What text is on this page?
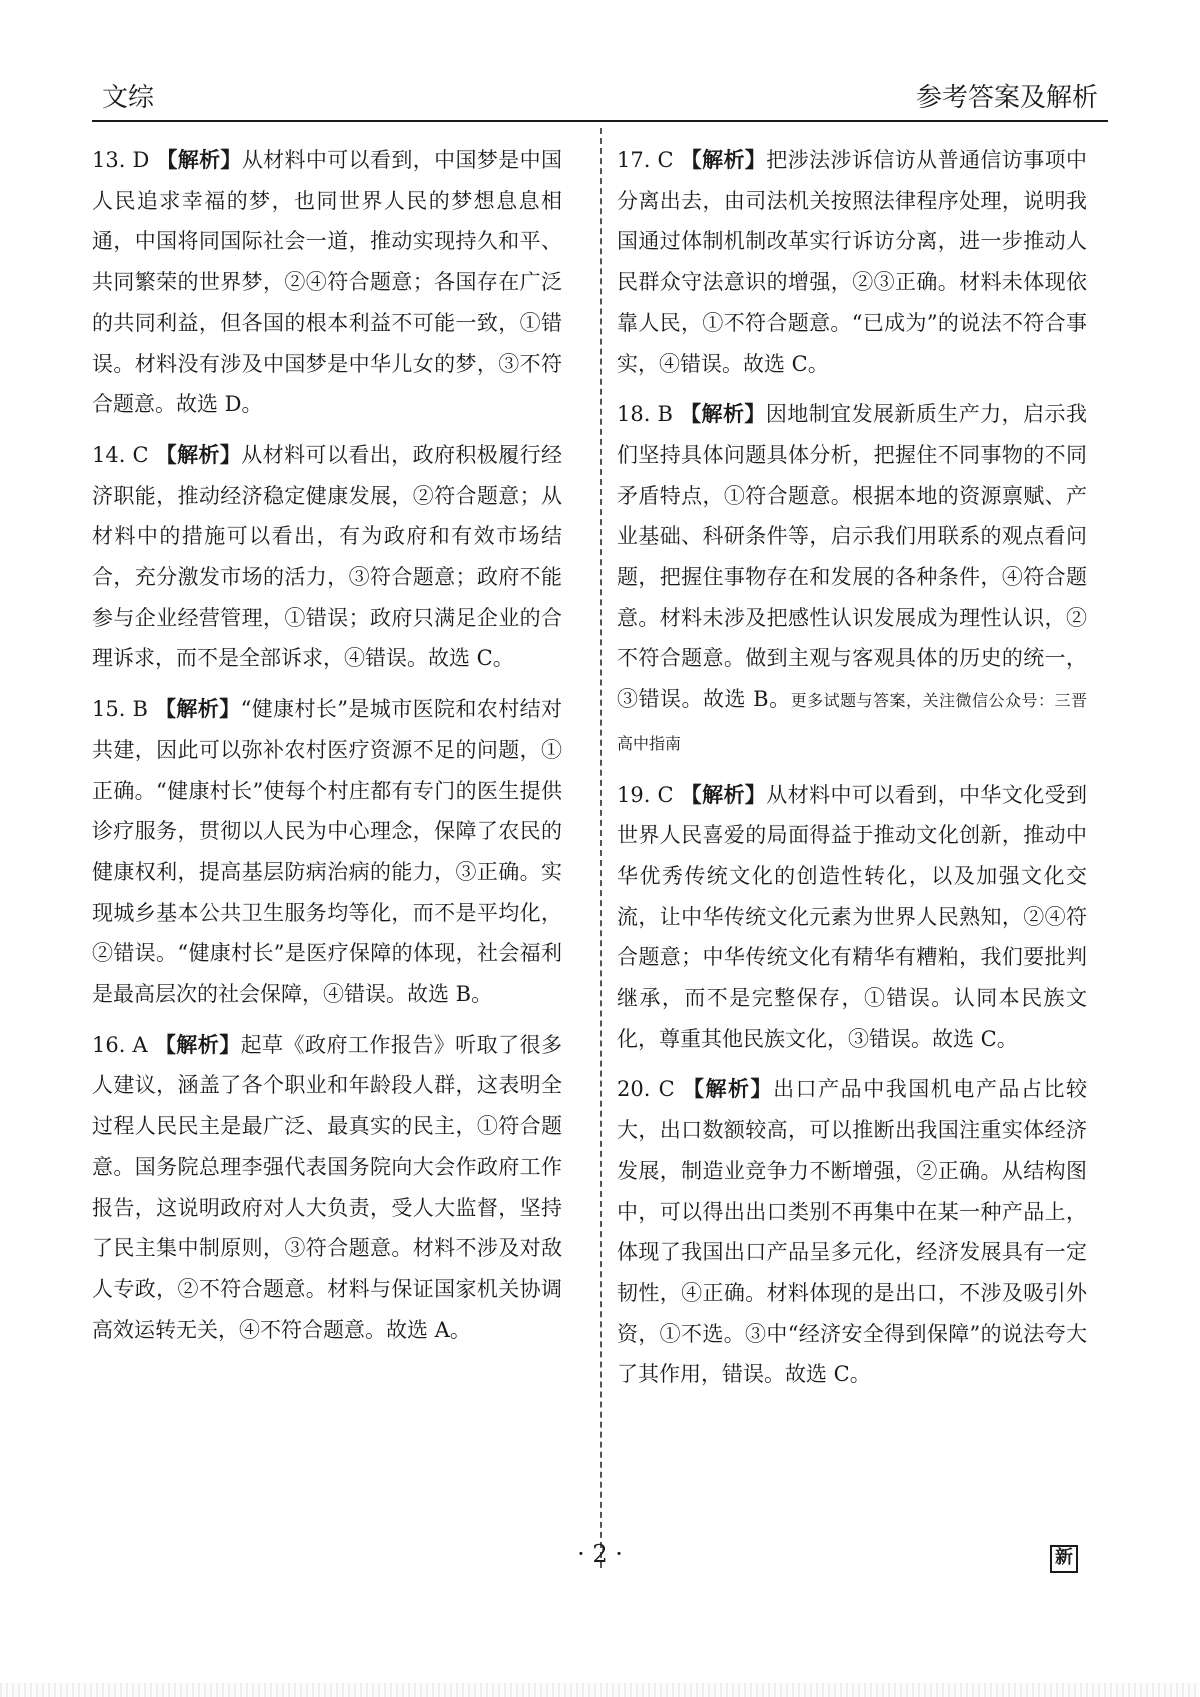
文综	参考答案及解析

13. D 【解析】从材料中可以看到，中国梦是中国人民追求幸福的梦，也同世界人民的梦想息息相通，中国将同国际社会一道，推动实现持久和平、共同繁荣的世界梦，②④符合题意；各国存在广泛的共同利益，但各国的根本利益不可能一致，①错误。材料没有涉及中国梦是中华儿女的梦，③不符合题意。故选 D。

14. C 【解析】从材料可以看出，政府积极履行经济职能，推动经济稳定健康发展，②符合题意；从材料中的措施可以看出，有为政府和有效市场结合，充分激发市场的活力，③符合题意；政府不能参与企业经营管理，①错误；政府只满足企业的合理诉求，而不是全部诉求，④错误。故选 C。

15. B 【解析】“健康村长”是城市医院和农村结对共建，因此可以弥补农村医疗资源不足的问题，①正确。“健康村长”使每个村庄都有专门的医生提供诊疗服务，贯彻以人民为中心理念，保障了农民的健康权利，提高基层防病治病的能力，③正确。实现城乡基本公共卫生服务均等化，而不是平均化，②错误。“健康村长”是医疗保障的体现，社会福利是最高层次的社会保障，④错误。故选 B。

16. A 【解析】起草《政府工作报告》听取了很多人建议，涵盖了各个职业和年龄段人群，这表明全过程人民民主是最广泛、最真实的民主，①符合题意。国务院总理李强代表国务院向大会作政府工作报告，这说明政府对人大负责，受人大监督，坚持了民主集中制原则，③符合题意。材料不涉及对敌人专政，②不符合题意。材料与保证国家机关协调高效运转无关，④不符合题意。故选 A。

17. C 【解析】把涉法涉诉信访从普通信访事项中分离出去，由司法机关按照法律程序处理，说明我国通过体制机制改革实行诉访分离，进一步推动人民群众守法意识的增强，②③正确。材料未体现依靠人民，①不符合题意。“已成为”的说法不符合事实，④错误。故选 C。

18. B 【解析】因地制宜发展新质生产力，启示我们坚持具体问题具体分析，把握住不同事物的不同矛盾特点，①符合题意。根据本地的资源禀赋、产业基础、科研条件等，启示我们用联系的观点看问题，把握住事物存在和发展的各种条件，④符合题意。材料未涉及把感性认识发展成为理性认识，②不符合题意。做到主观与客观具体的历史的统一，③错误。故选 B。更多试题与答案，关注微信公众号：三晋高中指南

19. C 【解析】从材料中可以看到，中华文化受到世界人民喜爱的局面得益于推动文化创新，推动中华优秀传统文化的创造性转化，以及加强文化交流，让中华传统文化元素为世界人民熟知，②④符合题意；中华传统文化有精华有糟粕，我们要批判继承，而不是完整保存，①错误。认同本民族文化，尊重其他民族文化，③错误。故选 C。

20. C 【解析】出口产品中我国机电产品占比较大，出口数额较高，可以推断出我国注重实体经济发展，制造业竞争力不断增强，②正确。从结构图中，可以得出出口类别不再集中在某一种产品上，体现了我国出口产品呈多元化，经济发展具有一定韧性，④正确。材料体现的是出口，不涉及吸引外资，①不选。③中“经济安全得到保障”的说法夸大了其作用，错误。故选 C。

· 2 ·	新
